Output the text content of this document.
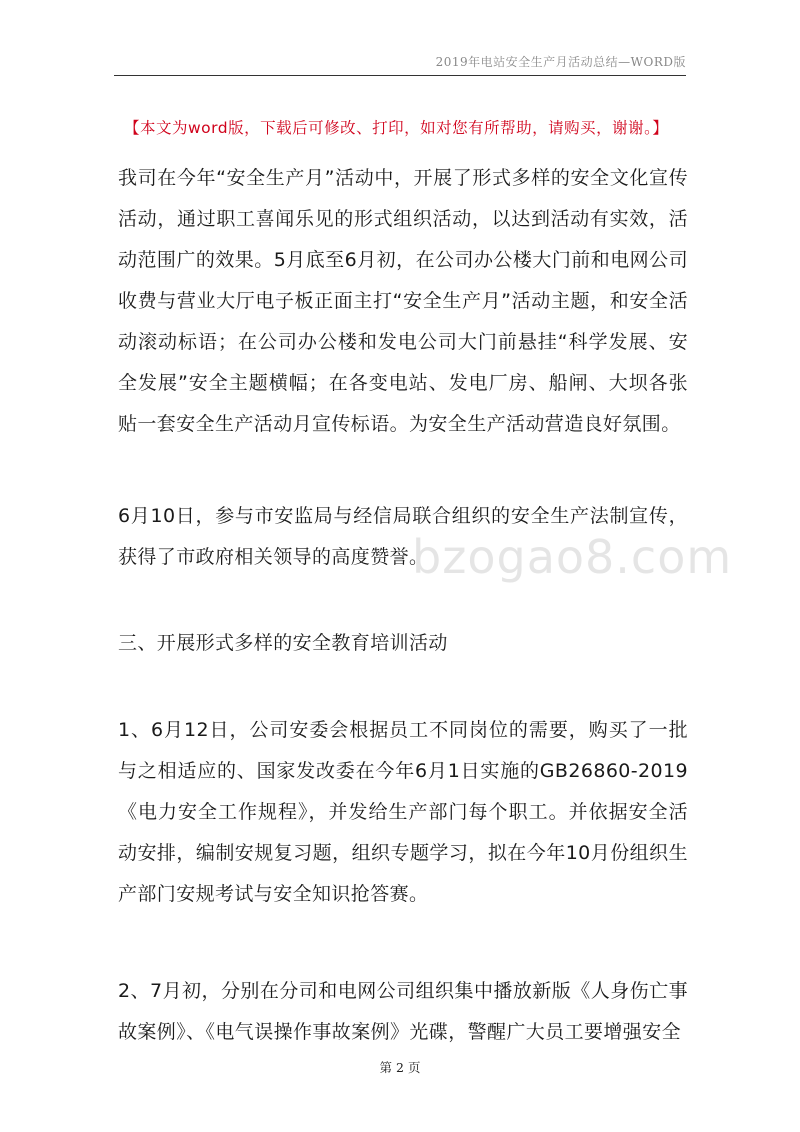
2019年电站安全生产月活动总结—WORD版
【本文为word版，下载后可修改、打印，如对您有所帮助，请购买，谢谢。】
我司在今年“安全生产月”活动中，开展了形式多样的安全文化宣传活动，通过职工喜闻乐见的形式组织活动，以达到活动有实效，活动范围广的效果。5月底至6月初，在公司办公楼大门前和电网公司收费与营业大厅电子板正面主打“安全生产月”活动主题，和安全活动滚动标语；在公司办公楼和发电公司大门前悬挂“科学发展、安全发展”安全主题横幅；在各变电站、发电厂房、船闸、大坝各张贴一套安全生产活动月宣传标语。为安全生产活动营造良好氛围。
6月10日，参与市安监局与经信局联合组织的安全生产法制宣传，获得了市政府相关领导的高度赞誉。
三、开展形式多样的安全教育培训活动
1、6月12日，公司安委会根据员工不同岗位的需要，购买了一批与之相适应的、国家发改委在今年6月1日实施的GB26860-2019《电力安全工作规程》，并发给生产部门每个职工。并依据安全活动安排，编制安规复习题，组织专题学习，拟在今年10月份组织生产部门安规考试与安全知识抢答赛。
2、7月初，分别在分司和电网公司组织集中播放新版《人身伤亡事故案例》、《电气误操作事故案例》光碟，警醒广大员工要增强安全
bzogao8.com
第 2 页
